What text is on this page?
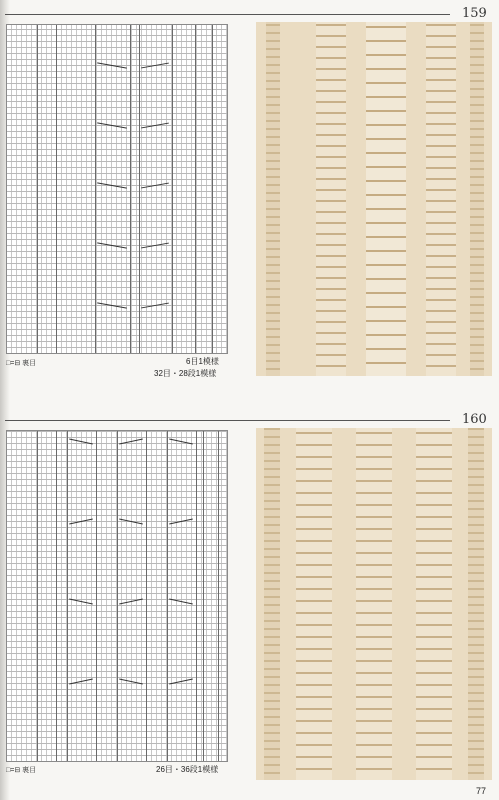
159
□=⊟ 裏目	6目1模様
32目・28段1模様
160
□=⊟ 裏目	26目・36段1模様
77
